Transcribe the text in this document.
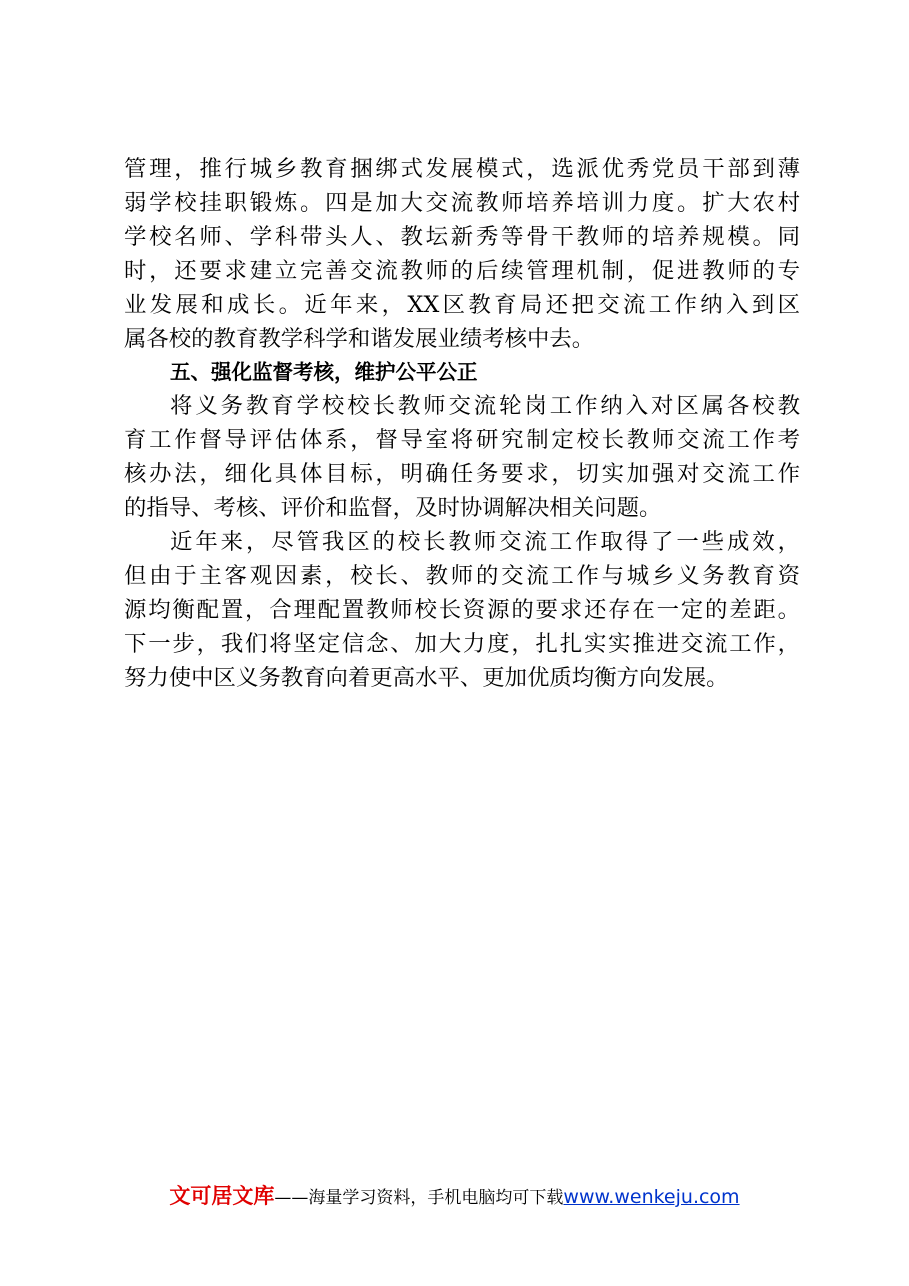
管理，推行城乡教育捆绑式发展模式，选派优秀党员干部到薄
弱学校挂职锻炼。四是加大交流教师培养培训力度。扩大农村
学校名师、学科带头人、教坛新秀等骨干教师的培养规模。同
时，还要求建立完善交流教师的后续管理机制，促进教师的专
业发展和成长。近年来，XX区教育局还把交流工作纳入到区
属各校的教育教学科学和谐发展业绩考核中去。
五、强化监督考核，维护公平公正
将义务教育学校校长教师交流轮岗工作纳入对区属各校教
育工作督导评估体系，督导室将研究制定校长教师交流工作考
核办法，细化具体目标，明确任务要求，切实加强对交流工作
的指导、考核、评价和监督，及时协调解决相关问题。
近年来，尽管我区的校长教师交流工作取得了一些成效，
但由于主客观因素，校长、教师的交流工作与城乡义务教育资
源均衡配置，合理配置教师校长资源的要求还存在一定的差距。
下一步，我们将坚定信念、加大力度，扎扎实实推进交流工作，
努力使中区义务教育向着更高水平、更加优质均衡方向发展。
文可居文库——海量学习资料，手机电脑均可下载www.wenkeju.com
